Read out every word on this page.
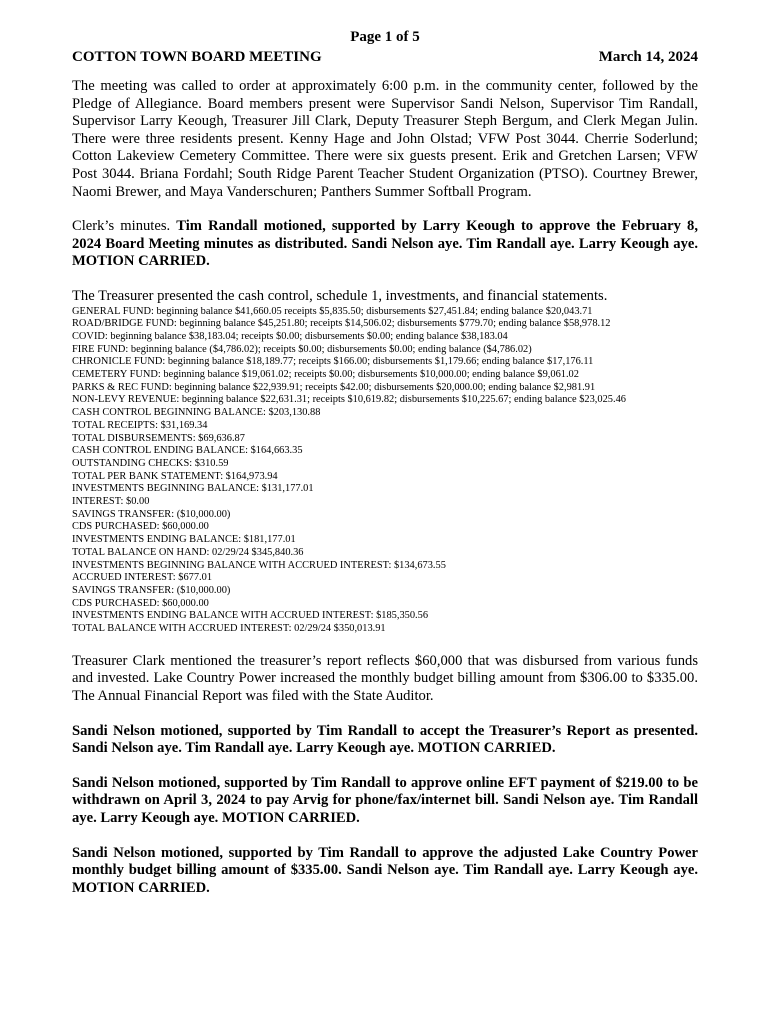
Page 1 of 5
COTTON TOWN BOARD MEETING	March 14, 2024

The meeting was called to order at approximately 6:00 p.m. in the community center, followed by the Pledge of Allegiance. Board members present were Supervisor Sandi Nelson, Supervisor Tim Randall, Supervisor Larry Keough, Treasurer Jill Clark, Deputy Treasurer Steph Bergum, and Clerk Megan Julin. There were three residents present. Kenny Hage and John Olstad; VFW Post 3044. Cherrie Soderlund; Cotton Lakeview Cemetery Committee. There were six guests present. Erik and Gretchen Larsen; VFW Post 3044. Briana Fordahl; South Ridge Parent Teacher Student Organization (PTSO). Courtney Brewer, Naomi Brewer, and Maya Vanderschuren; Panthers Summer Softball Program.

Clerk’s minutes. Tim Randall motioned, supported by Larry Keough to approve the February 8, 2024 Board Meeting minutes as distributed. Sandi Nelson aye. Tim Randall aye. Larry Keough aye. MOTION CARRIED.

The Treasurer presented the cash control, schedule 1, investments, and financial statements.

GENERAL FUND: beginning balance $41,660.05 receipts $5,835.50; disbursements $27,451.84; ending balance $20,043.71
ROAD/BRIDGE FUND: beginning balance $45,251.80; receipts $14,506.02; disbursements $779.70; ending balance $58,978.12
COVID: beginning balance $38,183.04; receipts $0.00; disbursements $0.00; ending balance $38,183.04
FIRE FUND: beginning balance ($4,786.02); receipts $0.00; disbursements $0.00; ending balance ($4,786.02)
CHRONICLE FUND: beginning balance $18,189.77; receipts $166.00; disbursements $1,179.66; ending balance $17,176.11
CEMETERY FUND: beginning balance $19,061.02; receipts $0.00; disbursements $10,000.00; ending balance $9,061.02
PARKS & REC FUND: beginning balance $22,939.91; receipts $42.00; disbursements $20,000.00; ending balance $2,981.91
NON-LEVY REVENUE: beginning balance $22,631.31; receipts $10,619.82; disbursements $10,225.67; ending balance $23,025.46
CASH CONTROL BEGINNING BALANCE: $203,130.88
TOTAL RECEIPTS: $31,169.34
TOTAL DISBURSEMENTS: $69,636.87
CASH CONTROL ENDING BALANCE: $164,663.35
OUTSTANDING CHECKS: $310.59
TOTAL PER BANK STATEMENT: $164,973.94
INVESTMENTS BEGINNING BALANCE: $131,177.01
INTEREST: $0.00
SAVINGS TRANSFER: ($10,000.00)
CDS PURCHASED: $60,000.00
INVESTMENTS ENDING BALANCE: $181,177.01
TOTAL BALANCE ON HAND: 02/29/24 $345,840.36
INVESTMENTS BEGINNING BALANCE WITH ACCRUED INTEREST: $134,673.55
ACCRUED INTEREST: $677.01
SAVINGS TRANSFER: ($10,000.00)
CDS PURCHASED: $60,000.00
INVESTMENTS ENDING BALANCE WITH ACCRUED INTEREST: $185,350.56
TOTAL BALANCE WITH ACCRUED INTEREST: 02/29/24 $350,013.91

Treasurer Clark mentioned the treasurer’s report reflects $60,000 that was disbursed from various funds and invested. Lake Country Power increased the monthly budget billing amount from $306.00 to $335.00. The Annual Financial Report was filed with the State Auditor.

Sandi Nelson motioned, supported by Tim Randall to accept the Treasurer’s Report as presented. Sandi Nelson aye. Tim Randall aye. Larry Keough aye. MOTION CARRIED.

Sandi Nelson motioned, supported by Tim Randall to approve online EFT payment of $219.00 to be withdrawn on April 3, 2024 to pay Arvig for phone/fax/internet bill. Sandi Nelson aye. Tim Randall aye. Larry Keough aye. MOTION CARRIED.

Sandi Nelson motioned, supported by Tim Randall to approve the adjusted Lake Country Power monthly budget billing amount of $335.00. Sandi Nelson aye. Tim Randall aye. Larry Keough aye. MOTION CARRIED.
